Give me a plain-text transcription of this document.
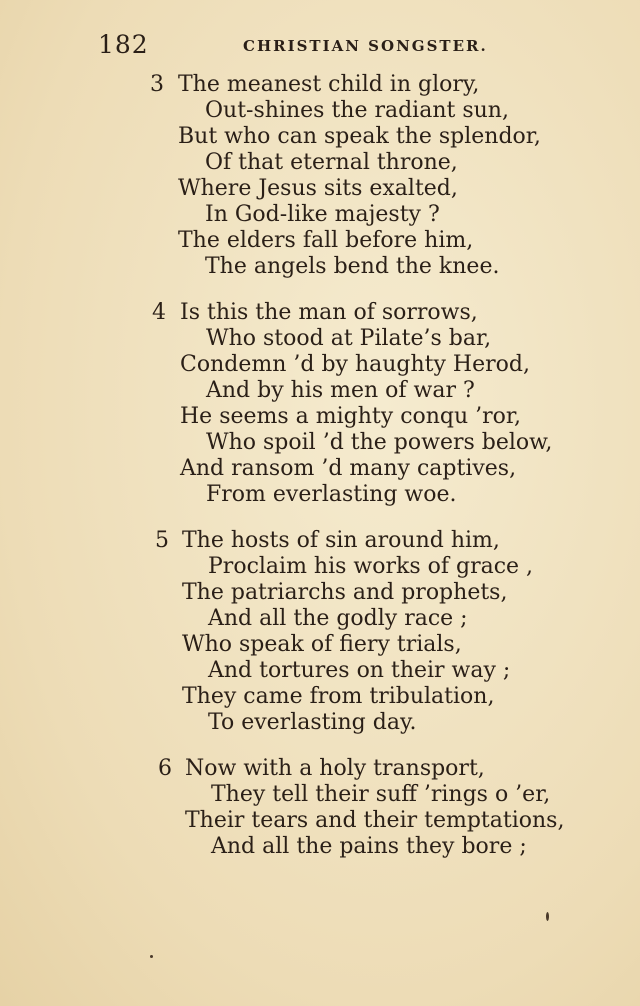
182	CHRISTIAN SONGSTER.
3 The meanest child in glory,
Out-shines the radiant sun,
But who can speak the splendor,
Of that eternal throne,
Where Jesus sits exalted,
In God-like majesty ?
The elders fall before him,
The angels bend the knee.
4 Is this the man of sorrows,
Who stood at Pilate’s bar,
Condemn ’d by haughty Herod,
And by his men of war ?
He seems a mighty conqu ’ror,
Who spoil ’d the powers below,
And ransom ’d many captives,
From everlasting woe.
5 The hosts of sin around him,
Proclaim his works of grace ,
The patriarchs and prophets,
And all the godly race ;
Who speak of fiery trials,
And tortures on their way ;
They came from tribulation,
To everlasting day.
6 Now with a holy transport,
They tell their suff ’rings o ’er,
Their tears and their temptations,
And all the pains they bore ;
